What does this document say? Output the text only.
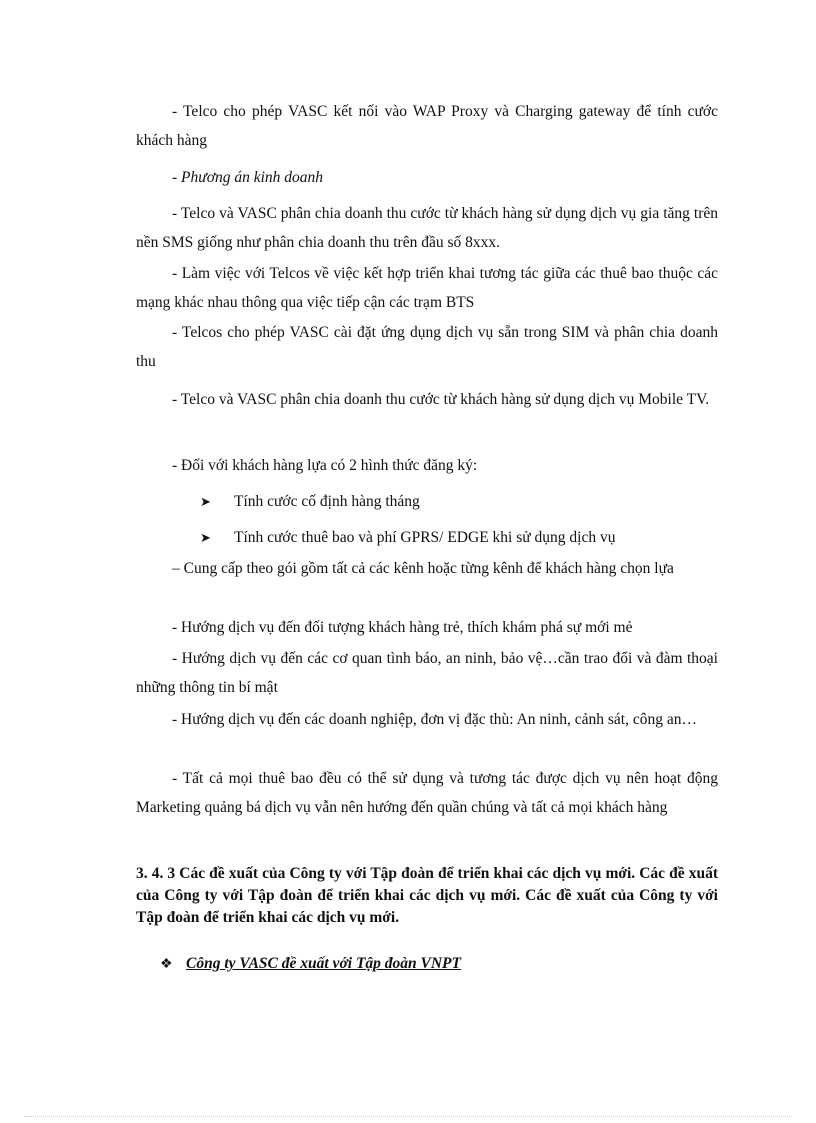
- Telco cho phép VASC kết nối vào WAP Proxy và Charging gateway để tính cước khách hàng
- Phương án kinh doanh
- Telco và VASC phân chia doanh thu cước từ khách hàng sử dụng dịch vụ gia tăng trên nền SMS giống như phân chia doanh thu trên đầu số 8xxx.
- Làm việc với Telcos về việc kết hợp triển khai tương tác giữa các thuê bao thuộc các mạng khác nhau thông qua việc tiếp cận các trạm BTS
- Telcos cho phép VASC cài đặt ứng dụng dịch vụ sẵn trong SIM và phân chia doanh thu
- Telco và VASC phân chia doanh thu cước từ khách hàng sử dụng dịch vụ Mobile TV.
- Đối với khách hàng lựa có 2 hình thức đăng ký:
➤ Tính cước cố định hàng tháng
➤ Tính cước thuê bao và phí GPRS/ EDGE khi sử dụng dịch vụ
– Cung cấp theo gói gồm tất cả các kênh hoặc từng kênh để khách hàng chọn lựa
- Hướng dịch vụ đến đối tượng khách hàng trẻ, thích khám phá sự mới mẻ
- Hướng dịch vụ đến các cơ quan tình báo, an ninh, bảo vệ…cần trao đổi và đàm thoại những thông tin bí mật
- Hướng dịch vụ đến các doanh nghiệp, đơn vị đặc thù: An ninh, cảnh sát, công an…
- Tất cả mọi thuê bao đều có thể sử dụng và tương tác được dịch vụ nên hoạt động Marketing quảng bá dịch vụ vẫn nên hướng đến quần chúng và tất cả mọi khách hàng
3. 4. 3 Các đề xuất của Công ty với Tập đoàn để triển khai các dịch vụ mới. Các đề xuất của Công ty với Tập đoàn để triển khai các dịch vụ mới. Các đề xuất của Công ty với Tập đoàn để triển khai các dịch vụ mới.
❖ Công ty VASC đề xuất với Tập đoàn VNPT
